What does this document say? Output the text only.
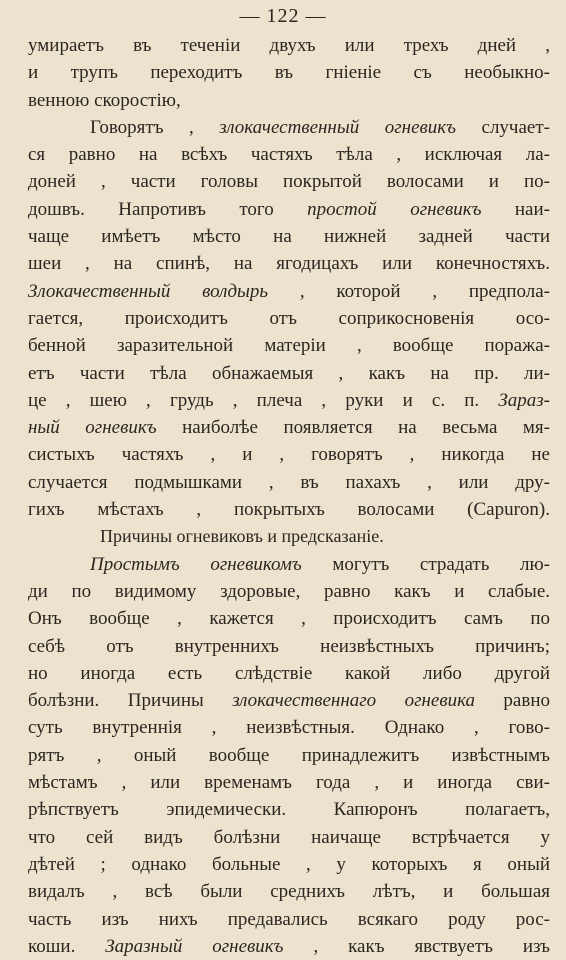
— 122 —
умираетъ въ теченiи двухъ или трехъ дней ,
и трупъ переходитъ въ гнiенiе съ необыкно-
венною скоростiю,
Говорятъ , злокачественный огневикъ случает-
ся равно на всѣхъ частяхъ тѣла , исключая ла-
доней , части головы покрытой волосами и по-
дошвъ. Напротивъ того простой огневикъ наи-
чаще имѣетъ мѣсто на нижней задней части
шеи , на спинѣ, на ягодицахъ или конечностяхъ.
Злокачественный волдырь , которой , предполa-
гается, происходитъ отъ соприкосновенiя осо-
бенной заразительной матерiи , вообще поража-
етъ части тѣла обнажаемыя , какъ на пр. ли-
це , шею , грудь , плеча , руки и с. п. Зараз-
ный огневикъ наиболѣе появляется на весьма мя-
систыхъ частяхъ , и , говорятъ , никогда не
случается подмышками , въ пахахъ , или дру-
гихъ мѣстахъ , покрытыхъ волосами (Capuron).
Причины огневиковъ и предсказанiе.
Простымъ огневикомъ могутъ страдать лю-
ди по видимому здоровые, равно какъ и слабые.
Онъ вообще , кажется , происходитъ самъ по
себѣ отъ внутреннихъ неизвѣстныхъ причинъ;
но иногда есть слѣдствiе какой либо другой
болѣзни. Причины злокачественнаго огневика равно
суть внутреннiя , неизвѣстныя. Однако , гово-
рятъ , оный вообще принадлежитъ извѣстнымъ
мѣстамъ , или временамъ года , и иногда сви-
рѣпствуетъ эпидемически. Капюронъ полагаетъ,
что сей видъ болѣзни наичаще встрѣчается у
дѣтей ; однако больные , у которыхъ я оный
видалъ , всѣ были среднихъ лѣтъ, и большая
часть изъ нихъ предавались всякаго роду рос-
коши. Заразный огневикъ , какъ явствуетъ изъ
